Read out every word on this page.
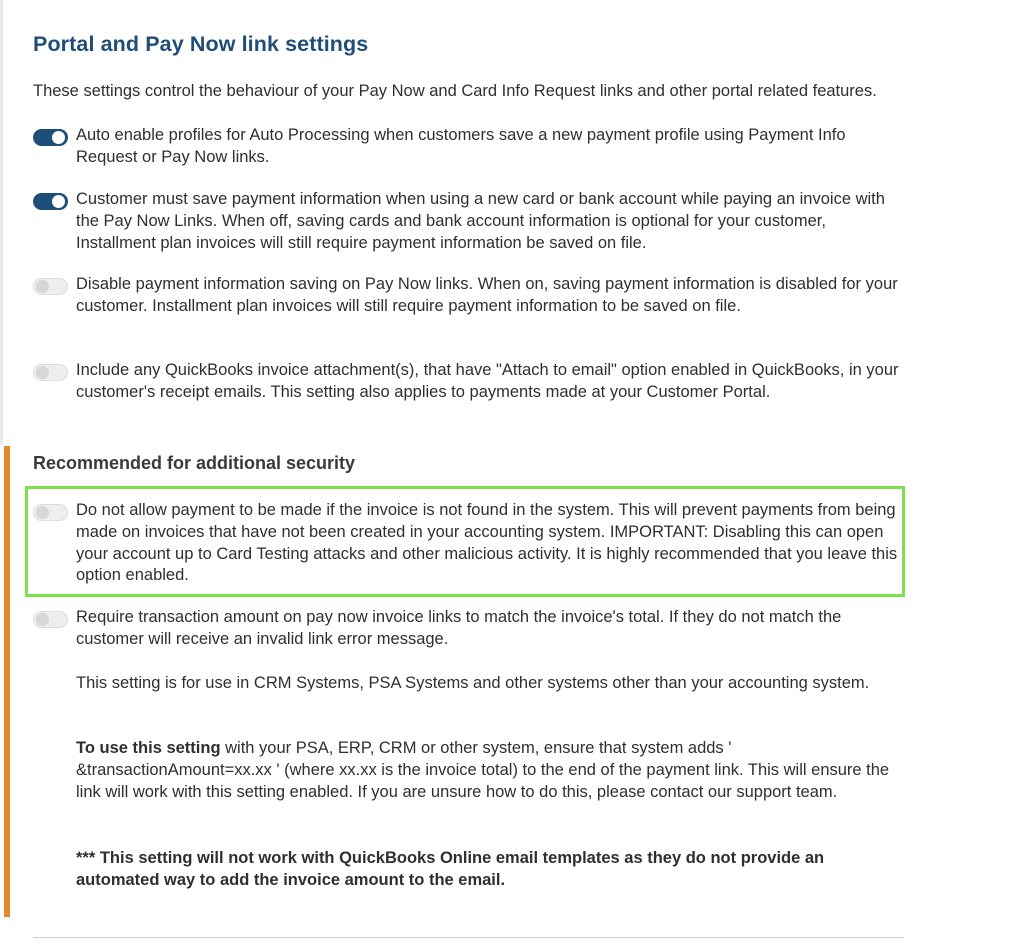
Portal and Pay Now link settings

These settings control the behaviour of your Pay Now and Card Info Request links and other portal related features.

Auto enable profiles for Auto Processing when customers save a new payment profile using Payment Info Request or Pay Now links.

Customer must save payment information when using a new card or bank account while paying an invoice with the Pay Now Links. When off, saving cards and bank account information is optional for your customer, Installment plan invoices will still require payment information be saved on file.

Disable payment information saving on Pay Now links. When on, saving payment information is disabled for your customer. Installment plan invoices will still require payment information to be saved on file.

Include any QuickBooks invoice attachment(s), that have "Attach to email" option enabled in QuickBooks, in your customer's receipt emails. This setting also applies to payments made at your Customer Portal.

Recommended for additional security

Do not allow payment to be made if the invoice is not found in the system. This will prevent payments from being made on invoices that have not been created in your accounting system. IMPORTANT: Disabling this can open your account up to Card Testing attacks and other malicious activity. It is highly recommended that you leave this option enabled.

Require transaction amount on pay now invoice links to match the invoice's total. If they do not match the customer will receive an invalid link error message.

This setting is for use in CRM Systems, PSA Systems and other systems other than your accounting system.

To use this setting with your PSA, ERP, CRM or other system, ensure that system adds ' &transactionAmount=xx.xx ' (where xx.xx is the invoice total) to the end of the payment link. This will ensure the link will work with this setting enabled. If you are unsure how to do this, please contact our support team.

*** This setting will not work with QuickBooks Online email templates as they do not provide an automated way to add the invoice amount to the email.
